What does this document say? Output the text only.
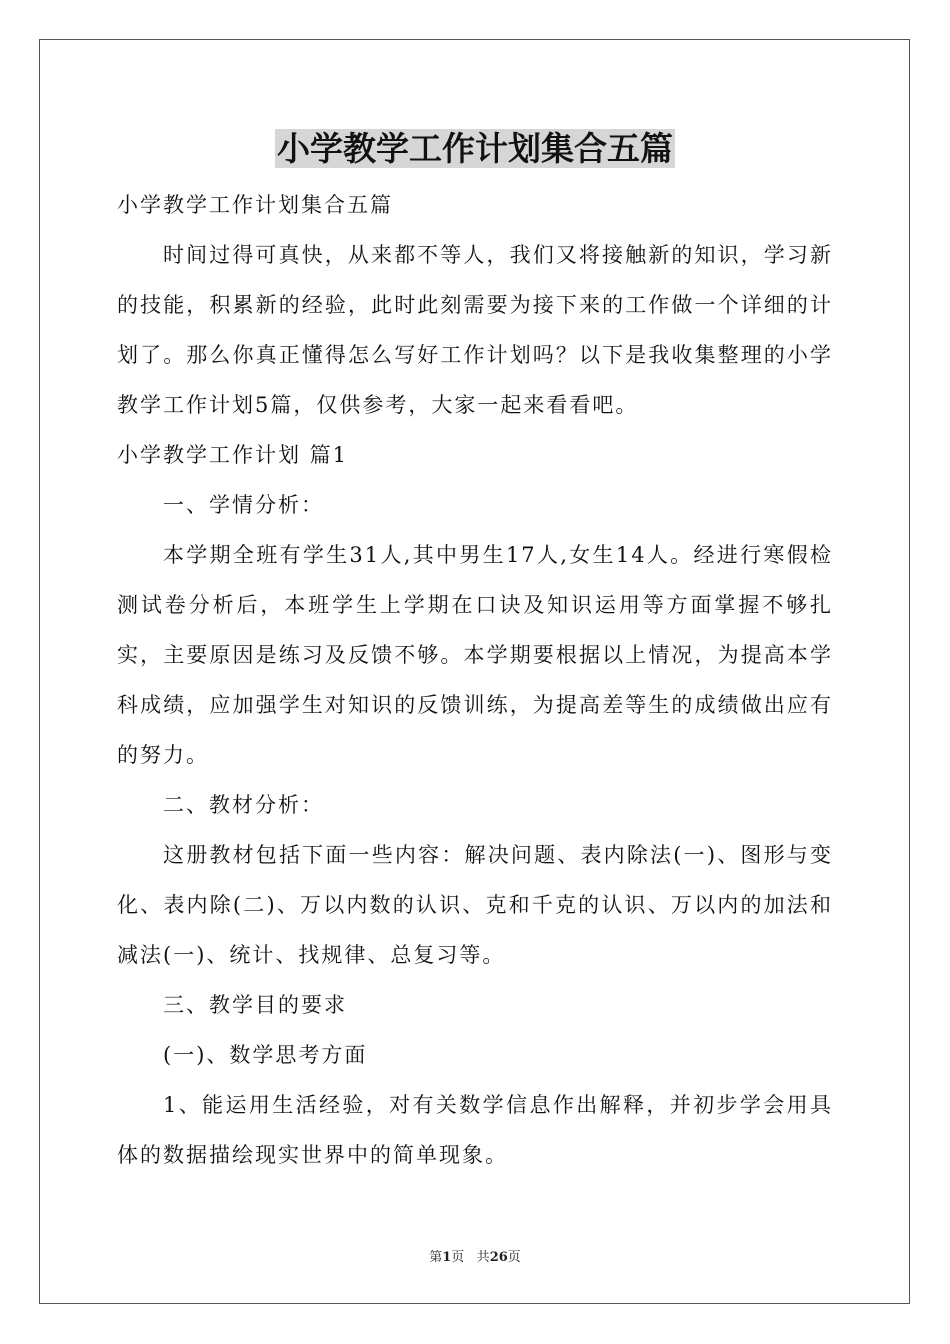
小学教学工作计划集合五篇

小学教学工作计划集合五篇

时间过得可真快，从来都不等人，我们又将接触新的知识，学习新的技能，积累新的经验，此时此刻需要为接下来的工作做一个详细的计划了。那么你真正懂得怎么写好工作计划吗？以下是我收集整理的小学教学工作计划5篇，仅供参考，大家一起来看看吧。

小学教学工作计划 篇1

一、学情分析：

本学期全班有学生31人,其中男生17人,女生14人。经进行寒假检测试卷分析后，本班学生上学期在口诀及知识运用等方面掌握不够扎实，主要原因是练习及反馈不够。本学期要根据以上情况，为提高本学科成绩，应加强学生对知识的反馈训练，为提高差等生的成绩做出应有的努力。

二、教材分析：

这册教材包括下面一些内容：解决问题、表内除法(一)、图形与变化、表内除(二)、万以内数的认识、克和千克的认识、万以内的加法和减法(一)、统计、找规律、总复习等。

三、教学目的要求

(一)、数学思考方面

1、能运用生活经验，对有关数学信息作出解释，并初步学会用具体的数据描绘现实世界中的简单现象。

第1页 共26页
